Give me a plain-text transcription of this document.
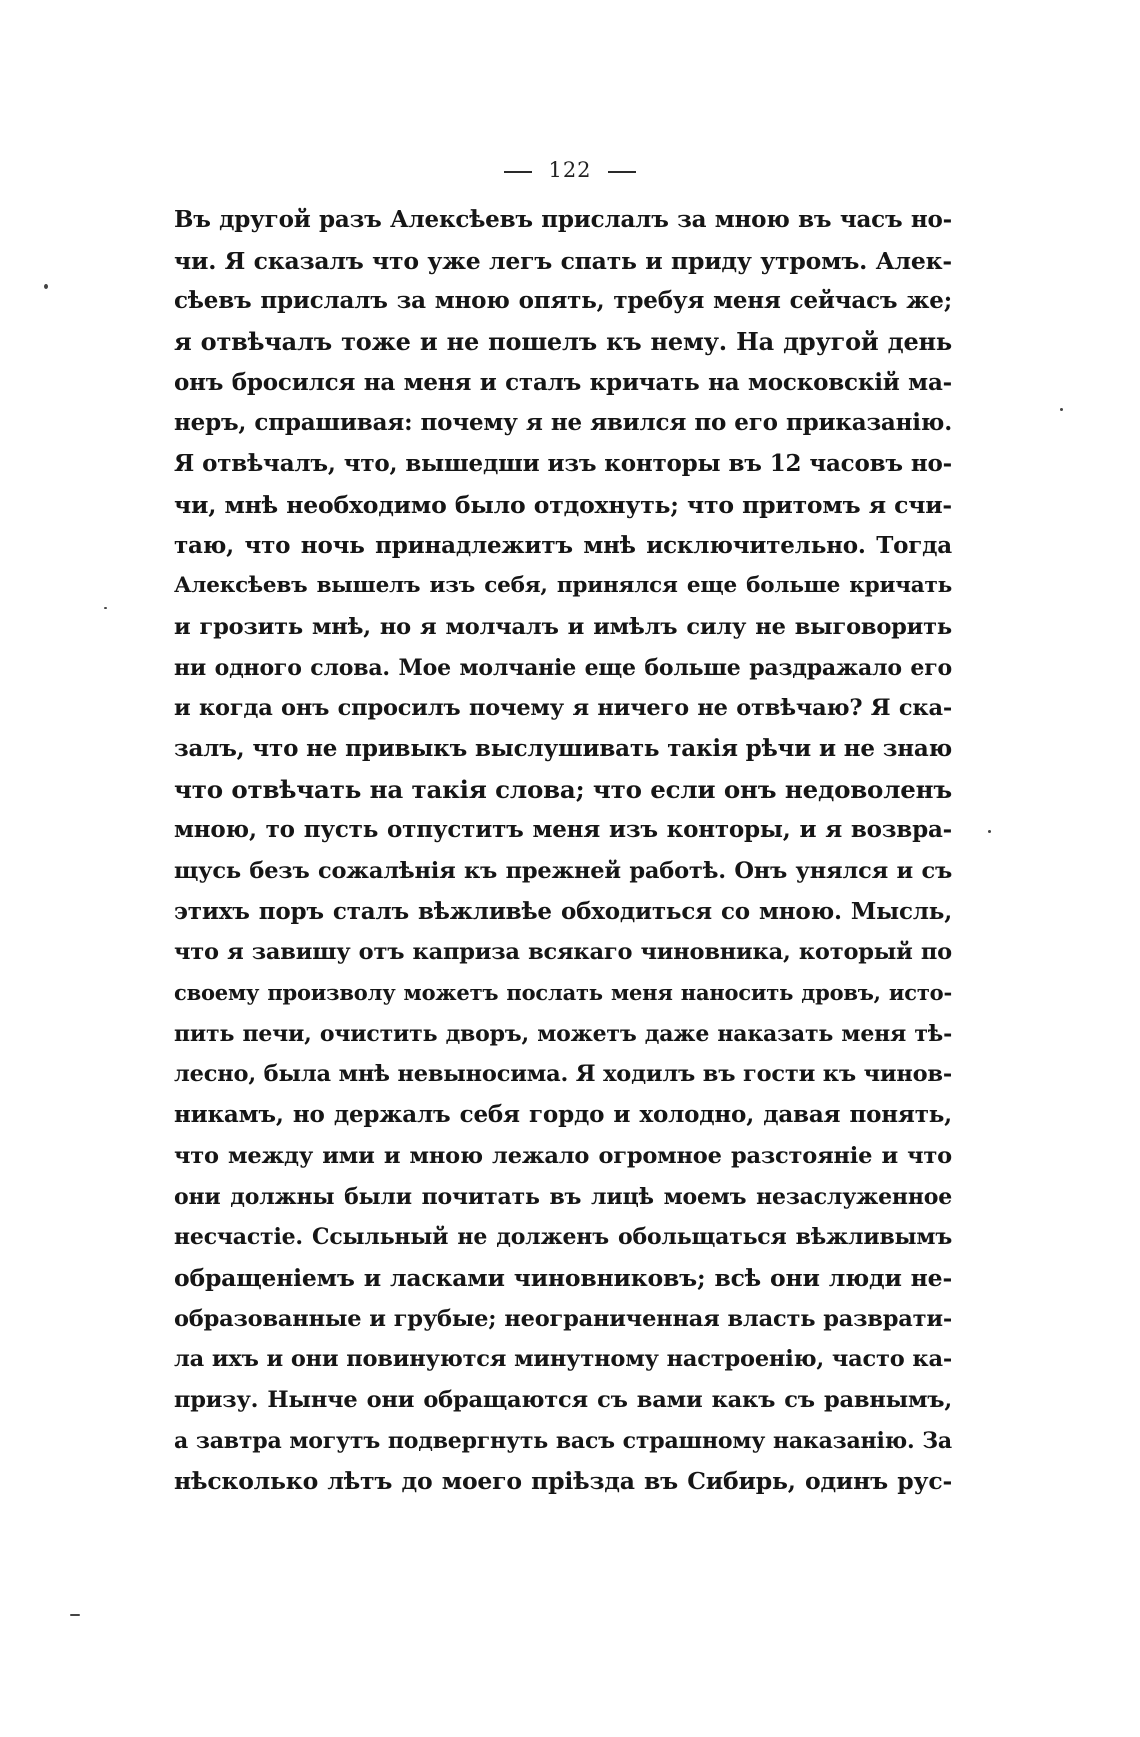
122
Въ другой разъ Алексѣевъ прислалъ за мною въ часъ но-
чи. Я сказалъ что уже легъ спать и приду утромъ. Алек-
сѣевъ прислалъ за мною опять, требуя меня сейчасъ же;
я отвѣчалъ тоже и не пошелъ къ нему. На другой день
онъ бросился на меня и сталъ кричать на московскій ма-
неръ, спрашивая: почему я не явился по его приказанію.
Я отвѣчалъ, что, вышедши изъ конторы въ 12 часовъ но-
чи, мнѣ необходимо было отдохнуть; что притомъ я счи-
таю, что ночь принадлежитъ мнѣ исключительно. Тогда
Алексѣевъ вышелъ изъ себя, принялся еще больше кричать
и грозить мнѣ, но я молчалъ и имѣлъ силу не выговорить
ни одного слова. Мое молчаніе еще больше раздражало его
и когда онъ спросилъ почему я ничего не отвѣчаю? Я ска-
залъ, что не привыкъ выслушивать такія рѣчи и не знаю
что отвѣчать на такія слова; что если онъ недоволенъ
мною, то пусть отпуститъ меня изъ конторы, и я возвра-
щусь безъ сожалѣнія къ прежней работѣ. Онъ унялся и съ
этихъ поръ сталъ вѣжливѣе обходиться со мною. Мысль,
что я завишу отъ каприза всякаго чиновника, который по
своему произволу можетъ послать меня наносить дровъ, исто-
пить печи, очистить дворъ, можетъ даже наказать меня тѣ-
лесно, была мнѣ невыносима. Я ходилъ въ гости къ чинов-
никамъ, но держалъ себя гордо и холодно, давая понять,
что между ими и мною лежало огромное разстояніе и что
они должны были почитать въ лицѣ моемъ незаслуженное
несчастіе. Ссыльный не долженъ обольщаться вѣжливымъ
обращеніемъ и ласками чиновниковъ; всѣ они люди не-
образованные и грубые; неограниченная власть разврати-
ла ихъ и они повинуются минутному настроенію, часто ка-
призу. Нынче они обращаются съ вами какъ съ равнымъ,
а завтра могутъ подвергнуть васъ страшному наказанію. За
нѣсколько лѣтъ до моего пріѣзда въ Сибирь, одинъ рус-
